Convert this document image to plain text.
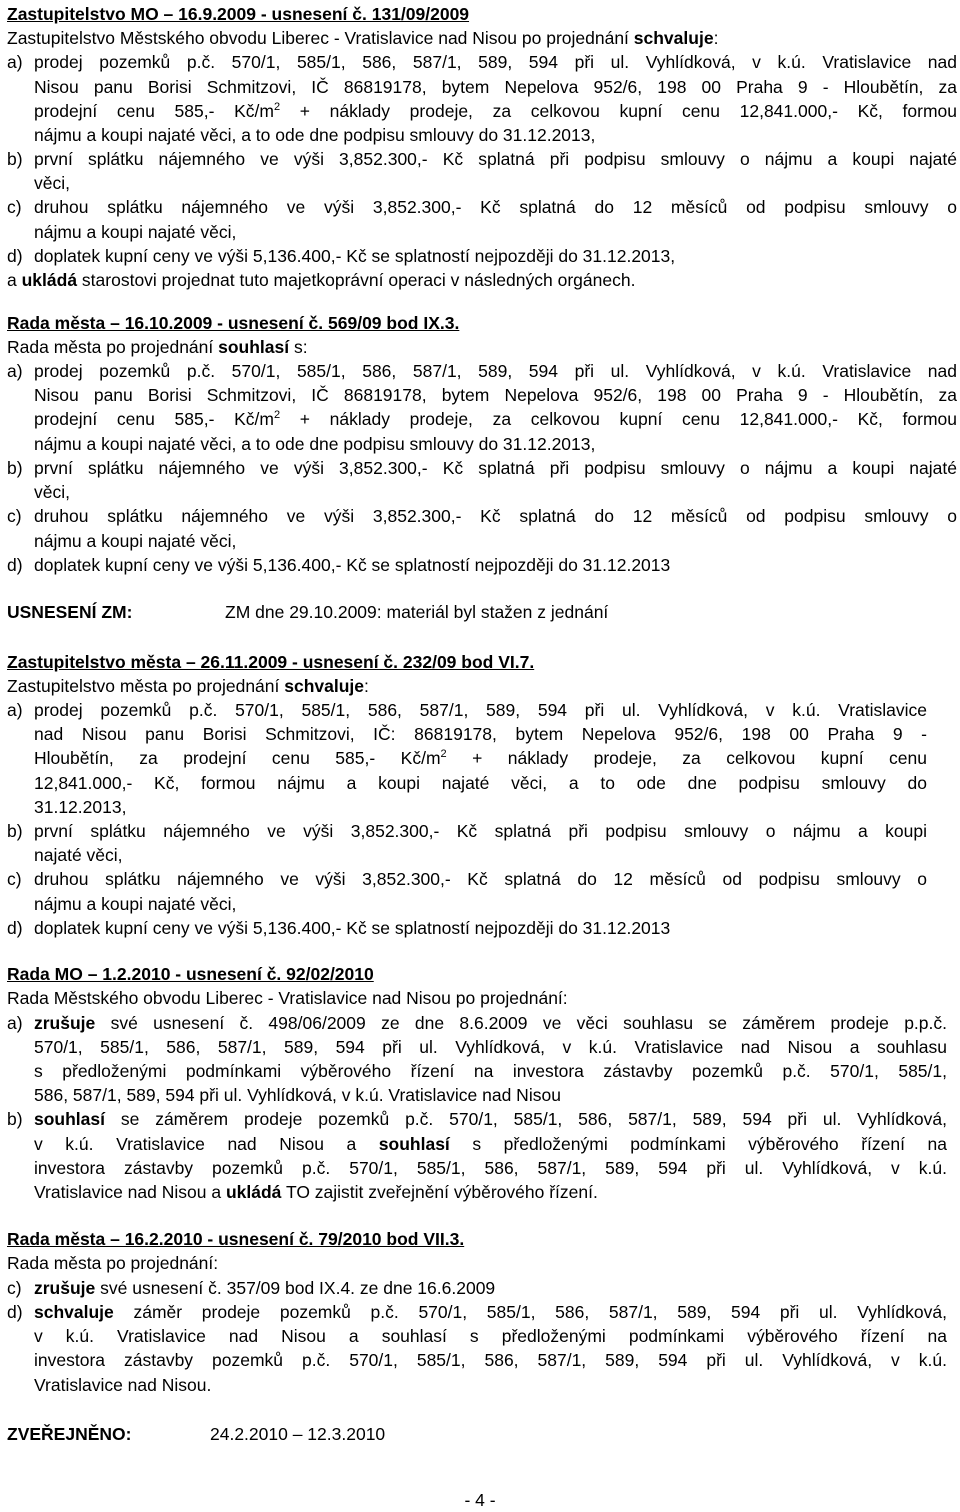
Zastupitelstvo MO – 16.9.2009 - usnesení č. 131/09/2009
Zastupitelstvo Městského obvodu Liberec - Vratislavice nad Nisou po projednání schvaluje:
a) prodej pozemků p.č. 570/1, 585/1, 586, 587/1, 589, 594 při ul. Vyhlídková, v k.ú. Vratislavice nad
Nisou panu Borisi Schmitzovi, IČ 86819178, bytem Nepelova 952/6, 198 00 Praha 9 - Hloubětín, za
prodejní cenu 585,- $Kč/m^2$ + náklady prodeje, za celkovou kupní cenu 12,841.000,- Kč, formou
nájmu a koupi najaté věci, a to ode dne podpisu smlouvy do 31.12.2013,
b) první splátku nájemného ve výši 3,852.300,- Kč splatná při podpisu smlouvy o nájmu a koupi najaté
věci,
c) druhou splátku nájemného ve výši 3,852.300,- Kč splatná do 12 měsíců od podpisu smlouvy o
nájmu a koupi najaté věci,
d) doplatek kupní ceny ve výši 5,136.400,- Kč se splatností nejpozději do 31.12.2013,
a ukládá starostovi projednat tuto majetkoprávní operaci v následných orgánech.
Rada města – 16.10.2009 - usnesení č. 569/09 bod IX.3.
Rada města po projednání souhlasí s:
a) prodej pozemků p.č. 570/1, 585/1, 586, 587/1, 589, 594 při ul. Vyhlídková, v k.ú. Vratislavice nad
Nisou panu Borisi Schmitzovi, IČ 86819178, bytem Nepelova 952/6, 198 00 Praha 9 - Hloubětín, za
prodejní cenu 585,- $Kč/m^2$ + náklady prodeje, za celkovou kupní cenu 12,841.000,- Kč, formou
nájmu a koupi najaté věci, a to ode dne podpisu smlouvy do 31.12.2013,
b) první splátku nájemného ve výši 3,852.300,- Kč splatná při podpisu smlouvy o nájmu a koupi najaté
věci,
c) druhou splátku nájemného ve výši 3,852.300,- Kč splatná do 12 měsíců od podpisu smlouvy o
nájmu a koupi najaté věci,
d) doplatek kupní ceny ve výši 5,136.400,- Kč se splatností nejpozději do 31.12.2013
USNESENÍ ZM:	ZM dne 29.10.2009: materiál byl stažen z jednání
Zastupitelstvo města – 26.11.2009 - usnesení č. 232/09 bod VI.7.
Zastupitelstvo města po projednání schvaluje:
a) prodej pozemků p.č. 570/1, 585/1, 586, 587/1, 589, 594 při ul. Vyhlídková, v k.ú. Vratislavice
nad Nisou panu Borisi Schmitzovi, IČ: 86819178, bytem Nepelova 952/6, 198 00 Praha 9 -
Hloubětín, za prodejní cenu 585,- $Kč/m^2$ + náklady prodeje, za celkovou kupní cenu
12,841.000,- Kč, formou nájmu a koupi najaté věci, a to ode dne podpisu smlouvy do
31.12.2013,
b) první splátku nájemného ve výši 3,852.300,- Kč splatná při podpisu smlouvy o nájmu a koupi
najaté věci,
c) druhou splátku nájemného ve výši 3,852.300,- Kč splatná do 12 měsíců od podpisu smlouvy o
nájmu a koupi najaté věci,
d) doplatek kupní ceny ve výši 5,136.400,- Kč se splatností nejpozději do 31.12.2013
Rada MO – 1.2.2010 - usnesení č. 92/02/2010
Rada Městského obvodu Liberec - Vratislavice nad Nisou po projednání:
a) zrušuje své usnesení č. 498/06/2009 ze dne 8.6.2009 ve věci souhlasu se záměrem prodeje p.p.č.
570/1, 585/1, 586, 587/1, 589, 594 při ul. Vyhlídková, v k.ú. Vratislavice nad Nisou a souhlasu
s předloženými podmínkami výběrového řízení na investora zástavby pozemků p.č. 570/1, 585/1,
586, 587/1, 589, 594 při ul. Vyhlídková, v k.ú. Vratislavice nad Nisou
b) souhlasí se záměrem prodeje pozemků p.č. 570/1, 585/1, 586, 587/1, 589, 594 při ul. Vyhlídková,
v k.ú. Vratislavice nad Nisou a souhlasí s předloženými podmínkami výběrového řízení na
investora zástavby pozemků p.č. 570/1, 585/1, 586, 587/1, 589, 594 při ul. Vyhlídková, v k.ú.
Vratislavice nad Nisou a ukládá TO zajistit zveřejnění výběrového řízení.
Rada města – 16.2.2010 - usnesení č. 79/2010 bod VII.3.
Rada města po projednání:
c) zrušuje své usnesení č. 357/09 bod IX.4. ze dne 16.6.2009
d) schvaluje záměr prodeje pozemků p.č. 570/1, 585/1, 586, 587/1, 589, 594 při ul. Vyhlídková,
v k.ú. Vratislavice nad Nisou a souhlasí s předloženými podmínkami výběrového řízení na
investora zástavby pozemků p.č. 570/1, 585/1, 586, 587/1, 589, 594 při ul. Vyhlídková, v k.ú.
Vratislavice nad Nisou.
ZVEŘEJNĚNO:	24.2.2010 – 12.3.2010
- 4 -
